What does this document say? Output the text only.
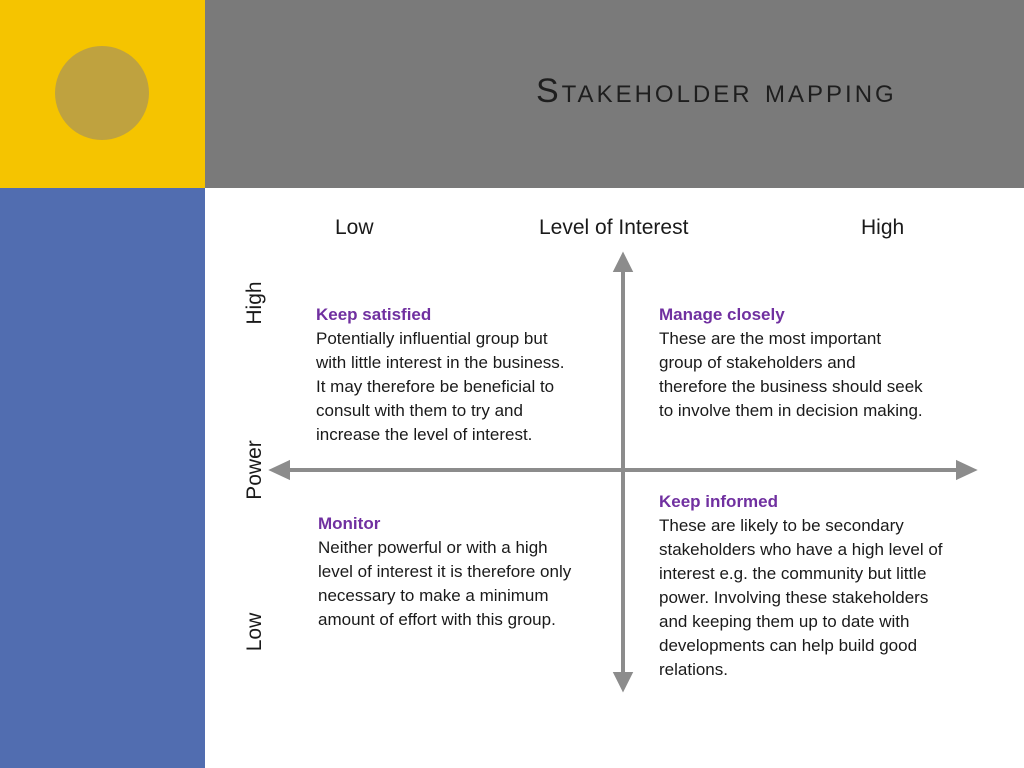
Stakeholder mapping
Low	Level of Interest	High
High
Power
Low
Keep satisfied
Potentially influential group but
with little interest in the business.
It may therefore be beneficial to
consult with them to try and
increase the level of interest.
Manage closely
These are the most important
group of stakeholders and
therefore the business should seek
to involve them in decision making.
Monitor
Neither powerful or with a high
level of interest it is therefore only
necessary to make a minimum
amount of effort with this group.
Keep informed
These are likely to be secondary
stakeholders who have a high level of
interest e.g. the community but little
power. Involving these stakeholders
and keeping them up to date with
developments can help build good
relations.
